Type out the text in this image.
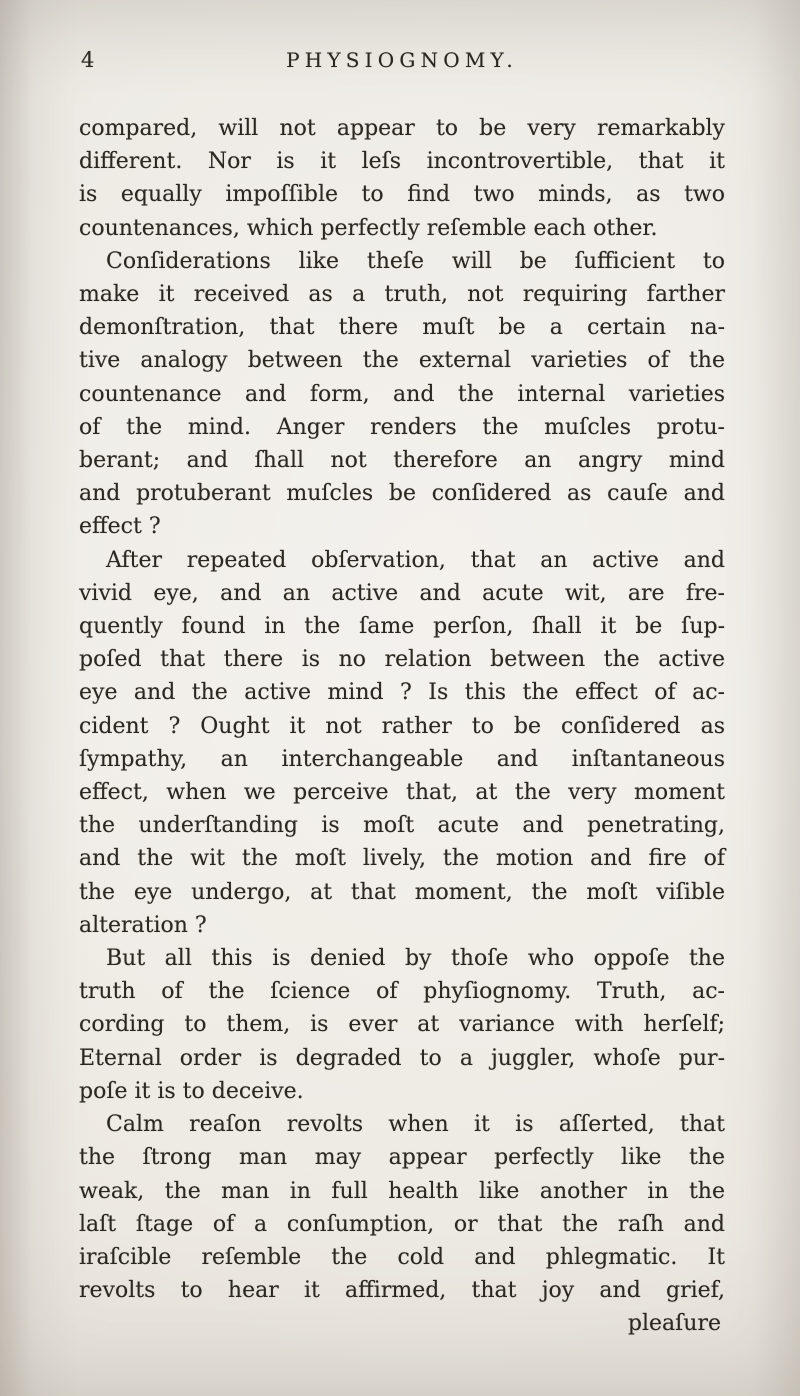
4	PHYSIOGNOMY.

compared, will not appear to be very remarkably
different. Nor is it leſs incontrovertible, that it
is equally impoſſible to find two minds, as two
countenances, which perfectly reſemble each other.

Conſiderations like theſe will be ſufficient to
make it received as a truth, not requiring farther
demonſtration, that there muſt be a certain na-
tive analogy between the external varieties of the
countenance and form, and the internal varieties
of the mind. Anger renders the muſcles protu-
berant; and ſhall not therefore an angry mind
and protuberant muſcles be conſidered as cauſe and
effect ?

After repeated obſervation, that an active and
vivid eye, and an active and acute wit, are fre-
quently found in the ſame perſon, ſhall it be ſup-
poſed that there is no relation between the active
eye and the active mind ? Is this the effect of ac-
cident ? Ought it not rather to be conſidered as
ſympathy, an interchangeable and inſtantaneous
effect, when we perceive that, at the very moment
the underſtanding is moſt acute and penetrating,
and the wit the moſt lively, the motion and fire of
the eye undergo, at that moment, the moſt viſible
alteration ?

But all this is denied by thoſe who oppoſe the
truth of the ſcience of phyſiognomy. Truth, ac-
cording to them, is ever at variance with herſelf;
Eternal order is degraded to a juggler, whoſe pur-
poſe it is to deceive.

Calm reaſon revolts when it is aſſerted, that
the ſtrong man may appear perfectly like the
weak, the man in full health like another in the
laſt ſtage of a conſumption, or that the raſh and
iraſcible reſemble the cold and phlegmatic. It
revolts to hear it affirmed, that joy and grief,

pleaſure
